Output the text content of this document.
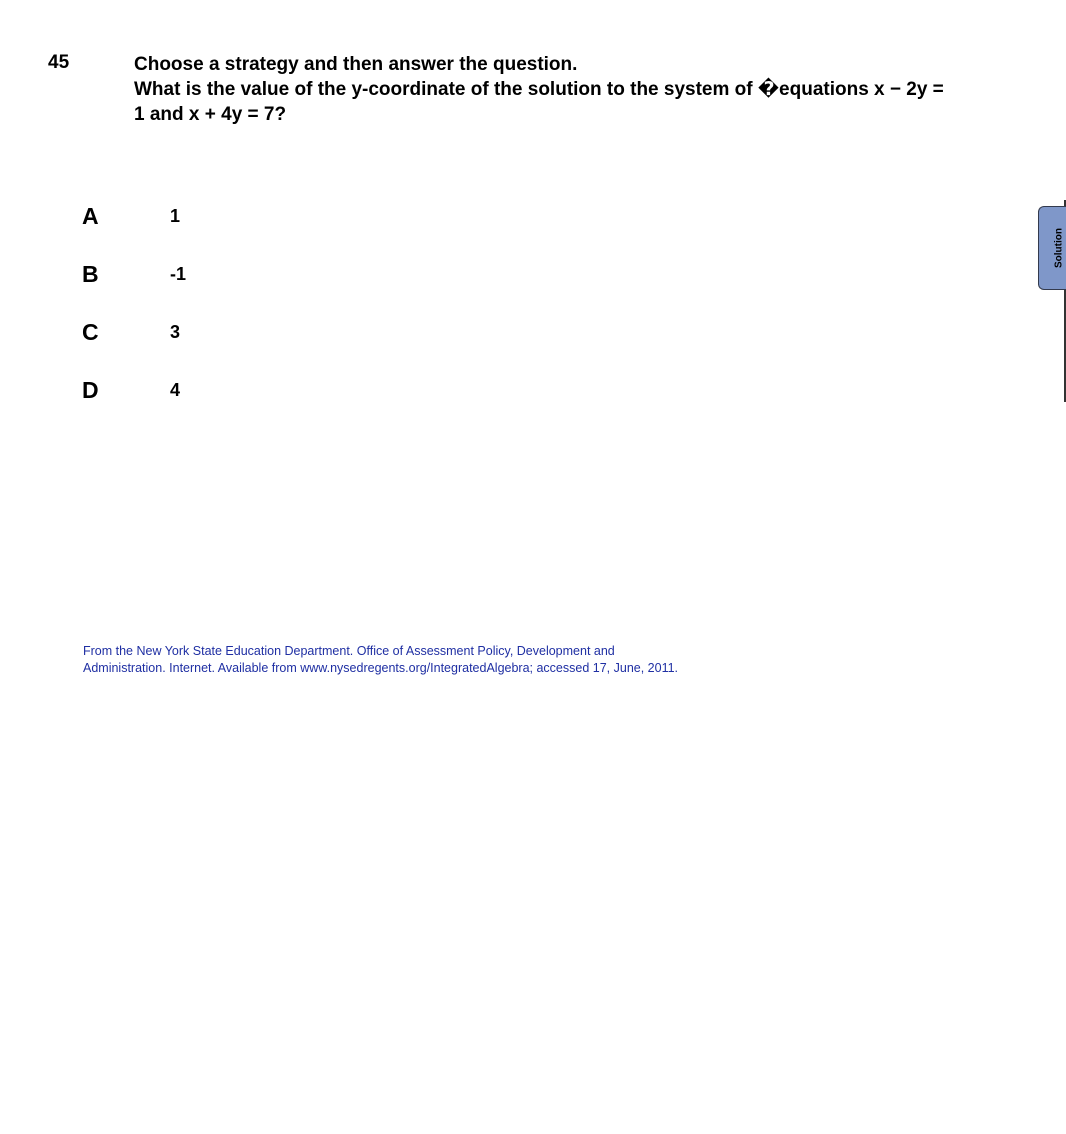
45	Choose a strategy and then answer the question.
What is the value of the y-coordinate of the solution to the system of �equations x − 2y =
1 and x + 4y = 7?
A	1
B	-1
C	3
D	4
From the New York State Education Department. Office of Assessment Policy, Development and
Administration. Internet. Available from www.nysedregents.org/IntegratedAlgebra; accessed 17, June, 2011.
Solution
